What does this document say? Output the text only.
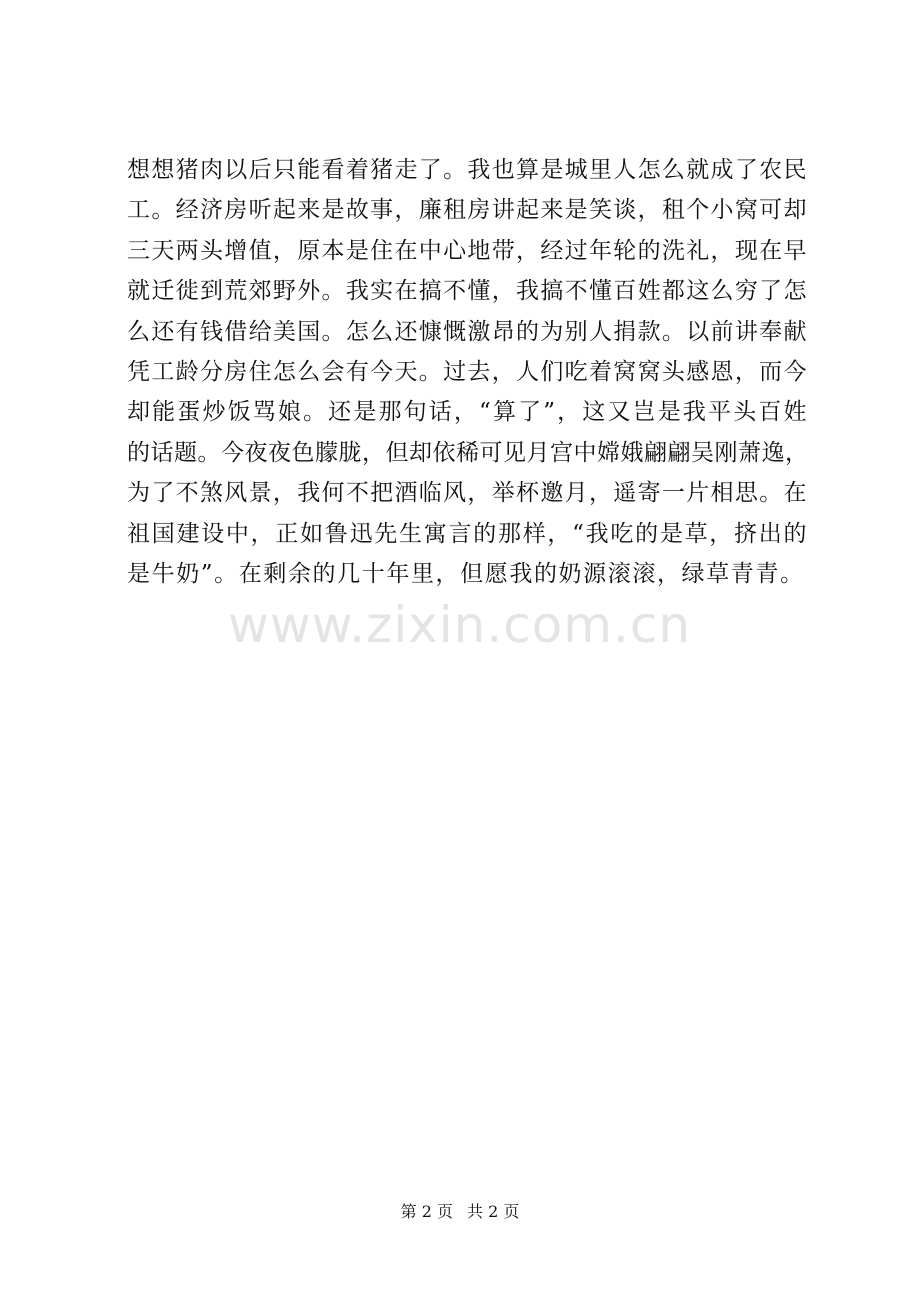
www.zixin.com.cn
想想猪肉以后只能看着猪走了。我也算是城里人怎么就成了农民
工。经济房听起来是故事，廉租房讲起来是笑谈，租个小窝可却
三天两头增值，原本是住在中心地带，经过年轮的洗礼，现在早
就迁徙到荒郊野外。我实在搞不懂，我搞不懂百姓都这么穷了怎
么还有钱借给美国。怎么还慷慨激昂的为别人捐款。以前讲奉献
凭工龄分房住怎么会有今天。过去，人们吃着窝窝头感恩，而今
却能蛋炒饭骂娘。还是那句话，“算了”，这又岂是我平头百姓
的话题。今夜夜色朦胧，但却依稀可见月宫中嫦娥翩翩吴刚萧逸，
为了不煞风景，我何不把酒临风，举杯邀月，遥寄一片相思。在
祖国建设中，正如鲁迅先生寓言的那样，“我吃的是草，挤出的
是牛奶”。在剩余的几十年里，但愿我的奶源滚滚，绿草青青。
第 2 页 共 2 页
